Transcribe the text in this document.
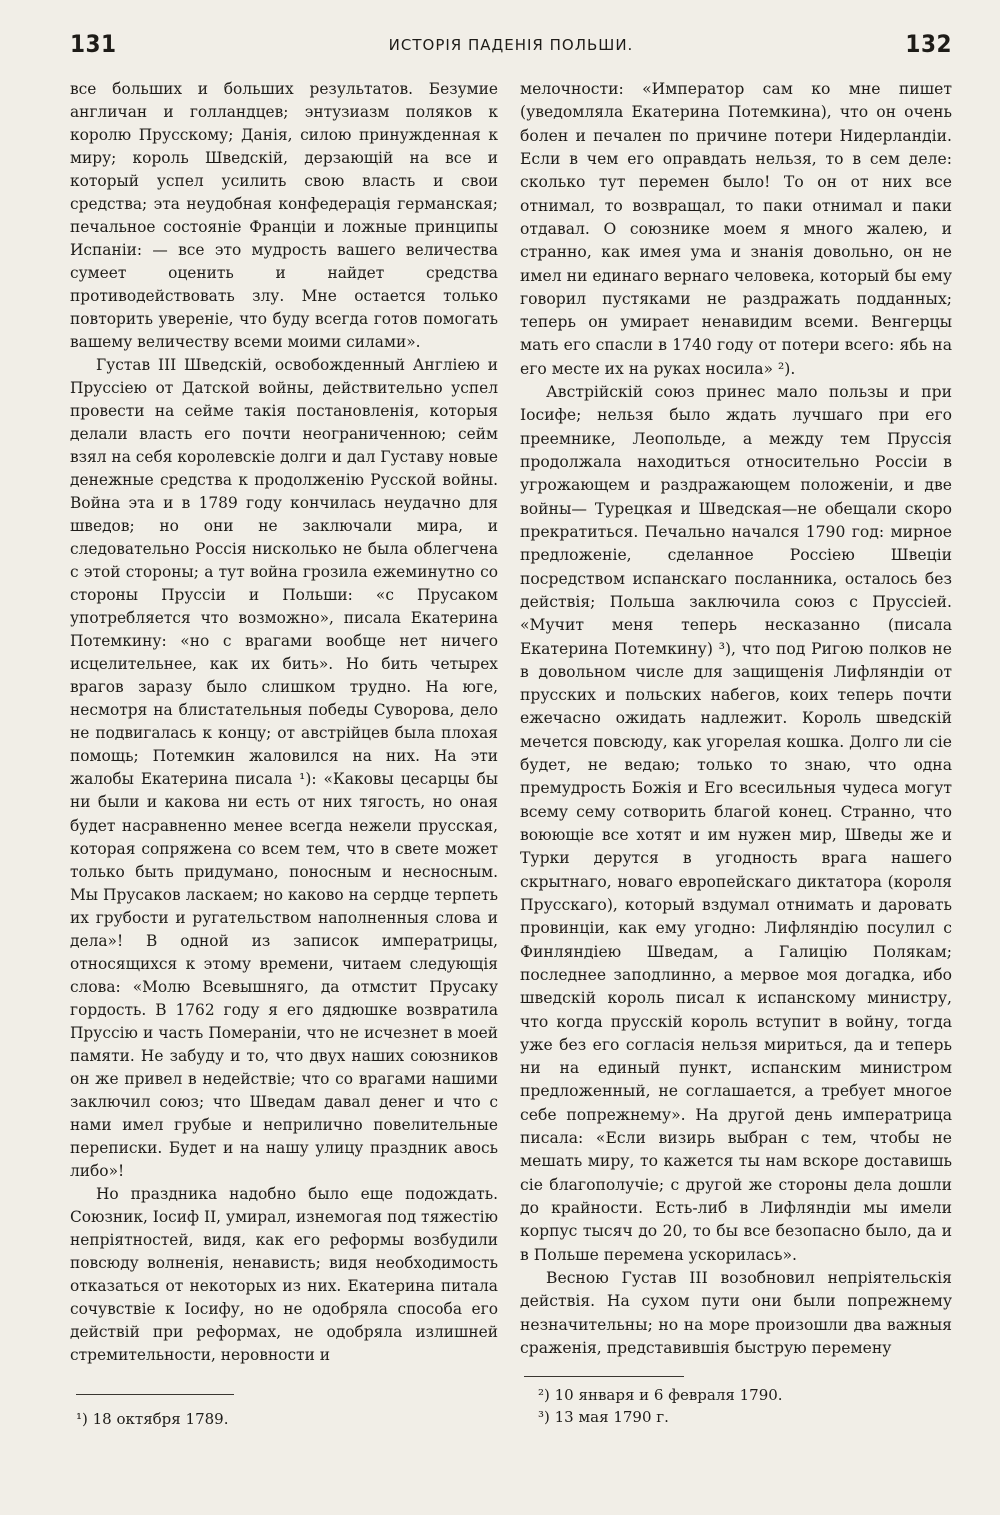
131	ИСТОРІЯ ПАДЕНІЯ ПОЛЬШИ.	132

все больших и больших результатов. Безумие англичан и голландцев; энтузиазм поляков к королю Прусскому; Данія, силою принужденная к миру; король Шведскій, дерзающій на все и который успел усилить свою власть и свои средства; эта неудобная конфедерація германская; печальное состояніе Франціи и ложные принципы Испаніи: — все это мудрость вашего величества сумеет оценить и найдет средства противодействовать злу. Мне остается только повторить увереніе, что буду всегда готов помогать вашему величеству всеми моими силами».

Густав III Шведскій, освобожденный Англіею и Пруссіею от Датской войны, действительно успел провести на сейме такія постановленія, которыя делали власть его почти неограниченною; сейм взял на себя королевскіе долги и дал Густаву новые денежные средства к продолженію Русской войны. Война эта и в 1789 году кончилась неудачно для шведов; но они не заключали мира, и следовательно Россія нисколько не была облегчена с этой стороны; а тут война грозила ежеминутно со стороны Пруссіи и Польши: «с Прусаком употребляется что возможно», писала Екатерина Потемкину: «но с врагами вообще нет ничего исцелительнее, как их бить». Но бить четырех врагов заразу было слишком трудно. На юге, несмотря на блистательныя победы Суворова, дело не подвигалась к концу; от австрійцев была плохая помощь; Потемкин жаловился на них. На эти жалобы Екатерина писала ¹): «Каковы цесарцы бы ни были и какова ни есть от них тягость, но оная будет насравненно менее всегда нежели прусская, которая сопряжена со всем тем, что в свете может только быть придумано, поносным и несносным. Мы Прусаков ласкаем; но каково на сердце терпеть их грубости и ругательством наполненныя слова и дела»! В одной из записок императрицы, относящихся к этому времени, читаем следующія слова: «Молю Всевышняго, да отмстит Прусаку гордость. В 1762 году я его дядюшке возвратила Пруссію и часть Помераніи, что не исчезнет в моей памяти. Не забуду и то, что двух наших союзников он же привел в недействіе; что со врагами нашими заключил союз; что Шведам давал денег и что с нами имел грубые и неприлично повелительные переписки. Будет и на нашу улицу праздник авось либо»!

Но праздника надобно было еще подождать. Союзник, Іосиф II, умирал, изнемогая под тяжестію непріятностей, видя, как его реформы возбудили повсюду волненія, ненависть; видя необходимость отказаться от некоторых из них. Екатерина питала сочувствіе к Іосифу, но не одобряла способа его действій при реформах, не одобряла излишней стремительности, неровности и

мелочности: «Император сам ко мне пишет (уведомляла Екатерина Потемкина), что он очень болен и печален по причине потери Нидерландіи. Если в чем его оправдать нельзя, то в сем деле: сколько тут перемен было! То он от них все отнимал, то возвращал, то паки отнимал и паки отдавал. О союзнике моем я много жалею, и странно, как имея ума и знанія довольно, он не имел ни единаго вернаго человека, который бы ему говорил пустяками не раздражать подданных; теперь он умирает ненавидим всеми. Венгерцы мать его спасли в 1740 году от потери всего: ябь на его месте их на руках носила» ²).

Австрійскій союз принес мало пользы и при Іосифе; нельзя было ждать лучшаго при его преемнике, Леопольде, а между тем Пруссія продолжала находиться относительно Россіи в угрожающем и раздражающем положеніи, и две войны— Турецкая и Шведская—не обещали скоро прекратиться. Печально начался 1790 год: мирное предложеніе, сделанное Россіею Швеціи посредством испанскаго посланника, осталось без действія; Польша заключила союз с Пруссіей. «Мучит меня теперь несказанно (писала Екатерина Потемкину) ³), что под Ригою полков не в довольном числе для защищенія Лифляндіи от прусских и польских набегов, коих теперь почти ежечасно ожидать надлежит. Король шведскій мечется повсюду, как угорелая кошка. Долго ли сіе будет, не ведаю; только то знаю, что одна премудрость Божія и Его всесильныя чудеса могут всему сему сотворить благой конец. Странно, что воюющіе все хотят и им нужен мир, Шведы же и Турки дерутся в угодность врага нашего скрытнаго, новаго европейскаго диктатора (короля Прусскаго), который вздумал отнимать и даровать провинціи, как ему угодно: Лифляндію посулил с Финляндіею Шведам, а Галицію Полякам; последнее заподлинно, а мервое моя догадка, ибо шведскій король писал к испанскому министру, что когда прусскій король вступит в войну, тогда уже без его согласія нельзя мириться, да и теперь ни на единый пункт, испанским министром предложенный, не соглашается, а требует многое себе попрежнему». На другой день императрица писала: «Если визирь выбран с тем, чтобы не мешать миру, то кажется ты нам вскоре доставишь сіе благополучіе; с другой же стороны дела дошли до крайности. Есть-либ в Лифляндіи мы имели корпус тысяч до 20, то бы все безопасно было, да и в Польше перемена ускорилась».

Весною Густав III возобновил непріятельскія действія. На сухом пути они были попрежнему незначительны; но на море произошли два важныя сраженія, представившія быструю перемену

¹) 18 октября 1789.
²) 10 января и 6 февраля 1790.
³) 13 мая 1790 г.
